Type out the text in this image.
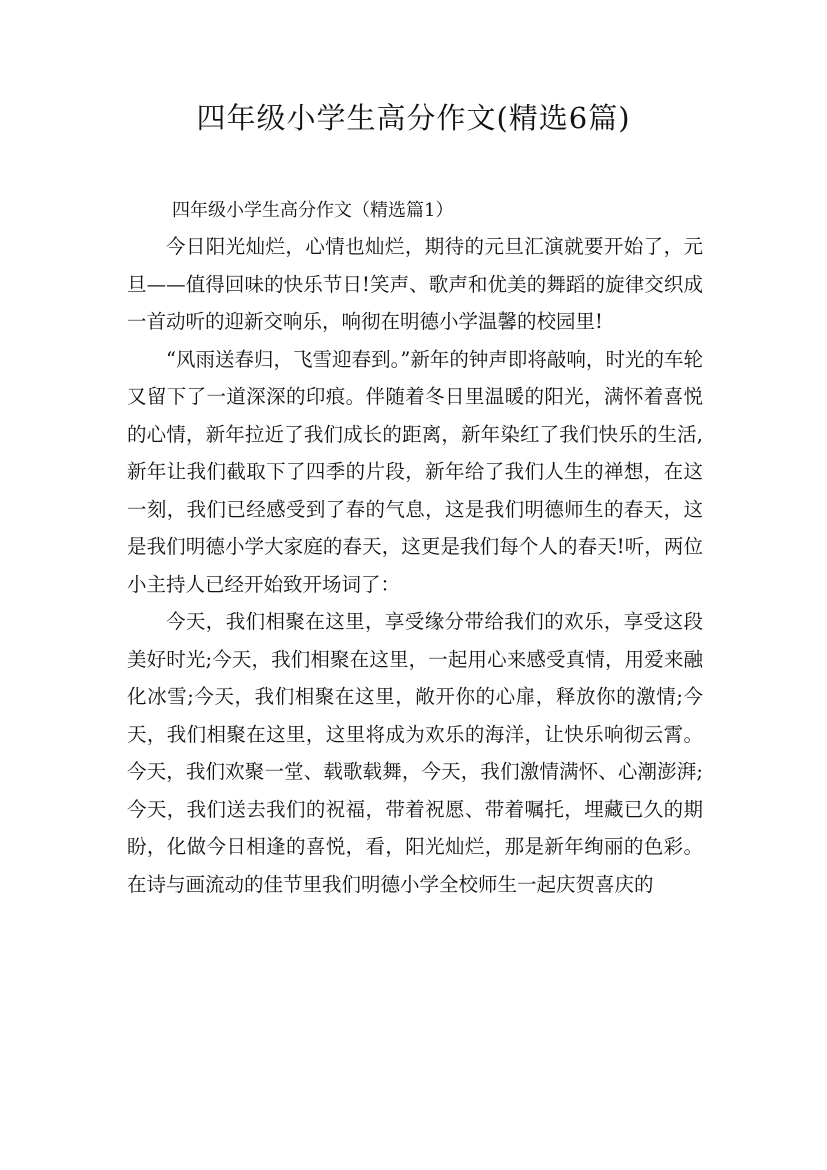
四年级小学生高分作文(精选6篇)

四年级小学生高分作文（精选篇1）

今日阳光灿烂，心情也灿烂，期待的元旦汇演就要开始了，元旦——值得回味的快乐节日!笑声、歌声和优美的舞蹈的旋律交织成一首动听的迎新交响乐，响彻在明德小学温馨的校园里!

“风雨送春归，飞雪迎春到。”新年的钟声即将敲响，时光的车轮又留下了一道深深的印痕。伴随着冬日里温暖的阳光，满怀着喜悦的心情，新年拉近了我们成长的距离，新年染红了我们快乐的生活,新年让我们截取下了四季的片段，新年给了我们人生的禅想，在这一刻，我们已经感受到了春的气息，这是我们明德师生的春天，这是我们明德小学大家庭的春天，这更是我们每个人的春天!听，两位小主持人已经开始致开场词了：

今天，我们相聚在这里，享受缘分带给我们的欢乐，享受这段美好时光;今天，我们相聚在这里，一起用心来感受真情，用爱来融化冰雪;今天，我们相聚在这里，敞开你的心扉，释放你的激情;今天，我们相聚在这里，这里将成为欢乐的海洋，让快乐响彻云霄。今天，我们欢聚一堂、载歌载舞，今天，我们激情满怀、心潮澎湃;今天，我们送去我们的祝福，带着祝愿、带着嘱托，埋藏已久的期盼，化做今日相逢的喜悦，看，阳光灿烂，那是新年绚丽的色彩。在诗与画流动的佳节里我们明德小学全校师生一起庆贺喜庆的
